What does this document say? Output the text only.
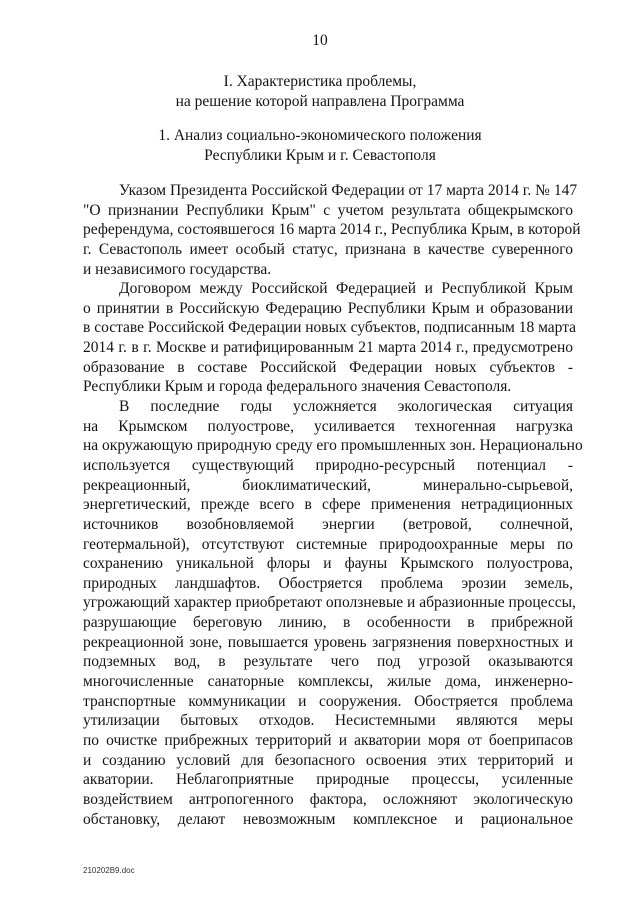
10
I. Характеристика проблемы,
на решение которой направлена Программа
1. Анализ социально-экономического положения
Республики Крым и г. Севастополя
Указом Президента Российской Федерации от 17 марта 2014 г. № 147
"О признании Республики Крым" с учетом результата общекрымского
референдума, состоявшегося 16 марта 2014 г., Республика Крым, в которой
г. Севастополь имеет особый статус, признана в качестве суверенного
и независимого государства.
Договором между Российской Федерацией и Республикой Крым
о принятии в Российскую Федерацию Республики Крым и образовании
в составе Российской Федерации новых субъектов, подписанным 18 марта
2014 г. в г. Москве и ратифицированным 21 марта 2014 г., предусмотрено
образование в составе Российской Федерации новых субъектов -
Республики Крым и города федерального значения Севастополя.
В последние годы усложняется экологическая ситуация
на Крымском полуострове, усиливается техногенная нагрузка
на окружающую природную среду его промышленных зон. Нерационально
используется существующий природно-ресурсный потенциал -
рекреационный, биоклиматический, минерально-сырьевой,
энергетический, прежде всего в сфере применения нетрадиционных
источников возобновляемой энергии (ветровой, солнечной,
геотермальной), отсутствуют системные природоохранные меры по
сохранению уникальной флоры и фауны Крымского полуострова,
природных ландшафтов. Обостряется проблема эрозии земель,
угрожающий характер приобретают оползневые и абразионные процессы,
разрушающие береговую линию, в особенности в прибрежной
рекреационной зоне, повышается уровень загрязнения поверхностных и
подземных вод, в результате чего под угрозой оказываются
многочисленные санаторные комплексы, жилые дома, инженерно-
транспортные коммуникации и сооружения. Обостряется проблема
утилизации бытовых отходов. Несистемными являются меры
по очистке прибрежных территорий и акватории моря от боеприпасов
и созданию условий для безопасного освоения этих территорий и
акватории. Неблагоприятные природные процессы, усиленные
воздействием антропогенного фактора, осложняют экологическую
обстановку, делают невозможным комплексное и рациональное
210202В9.doc
